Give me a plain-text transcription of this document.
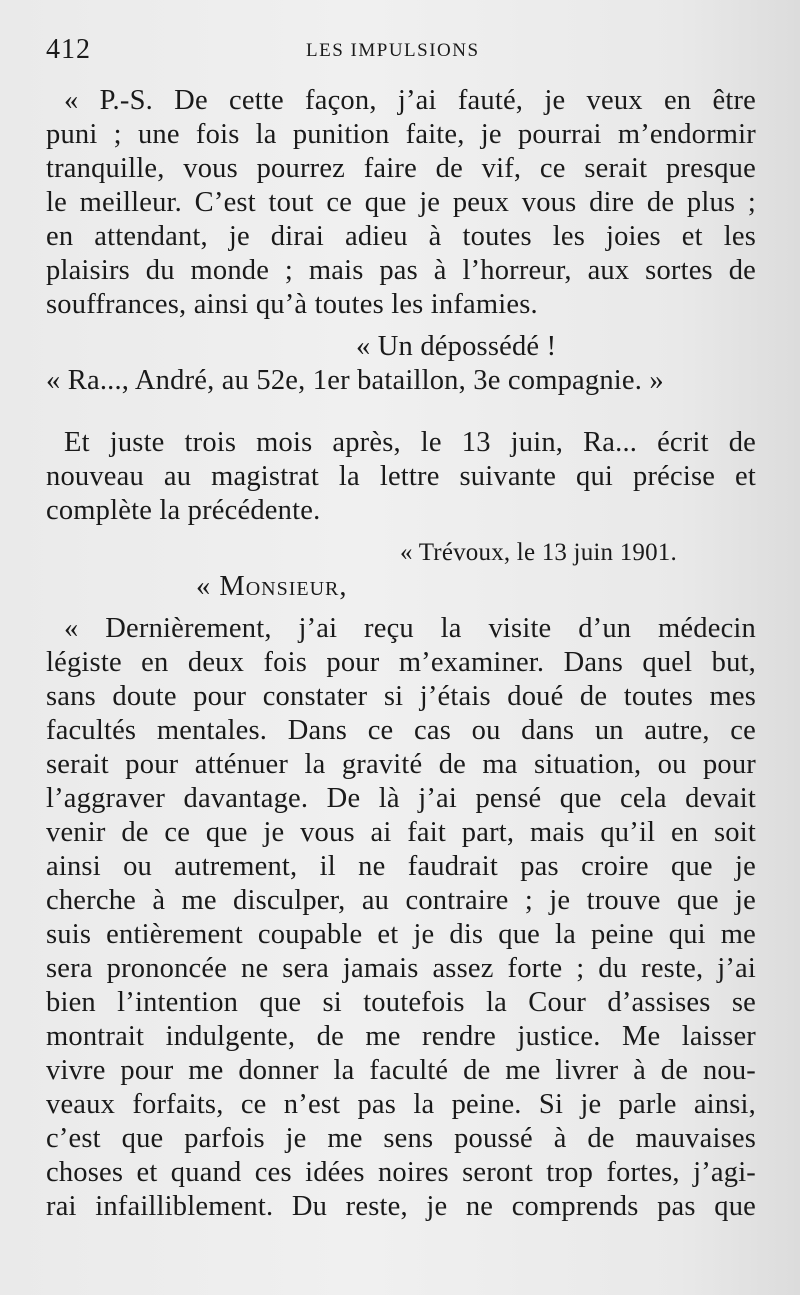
412	LES IMPULSIONS
« P.-S. De cette façon, j’ai fauté, je veux en être
puni ; une fois la punition faite, je pourrai m’endormir
tranquille, vous pourrez faire de vif, ce serait presque
le meilleur. C’est tout ce que je peux vous dire de plus ;
en attendant, je dirai adieu à toutes les joies et les
plaisirs du monde ; mais pas à l’horreur, aux sortes de
souffrances, ainsi qu’à toutes les infamies.
« Un dépossédé !
« Ra..., André, au 52e, 1er bataillon, 3e compagnie. »
Et juste trois mois après, le 13 juin, Ra... écrit de
nouveau au magistrat la lettre suivante qui précise et
complète la précédente.
« Trévoux, le 13 juin 1901.
« Monsieur,
« Dernièrement, j’ai reçu la visite d’un médecin
légiste en deux fois pour m’examiner. Dans quel but,
sans doute pour constater si j’étais doué de toutes mes
facultés mentales. Dans ce cas ou dans un autre, ce
serait pour atténuer la gravité de ma situation, ou pour
l’aggraver davantage. De là j’ai pensé que cela devait
venir de ce que je vous ai fait part, mais qu’il en soit
ainsi ou autrement, il ne faudrait pas croire que je
cherche à me disculper, au contraire ; je trouve que je
suis entièrement coupable et je dis que la peine qui me
sera prononcée ne sera jamais assez forte ; du reste, j’ai
bien l’intention que si toutefois la Cour d’assises se
montrait indulgente, de me rendre justice. Me laisser
vivre pour me donner la faculté de me livrer à de nou-
veaux forfaits, ce n’est pas la peine. Si je parle ainsi,
c’est que parfois je me sens poussé à de mauvaises
choses et quand ces idées noires seront trop fortes, j’agi-
rai infailliblement. Du reste, je ne comprends pas que
